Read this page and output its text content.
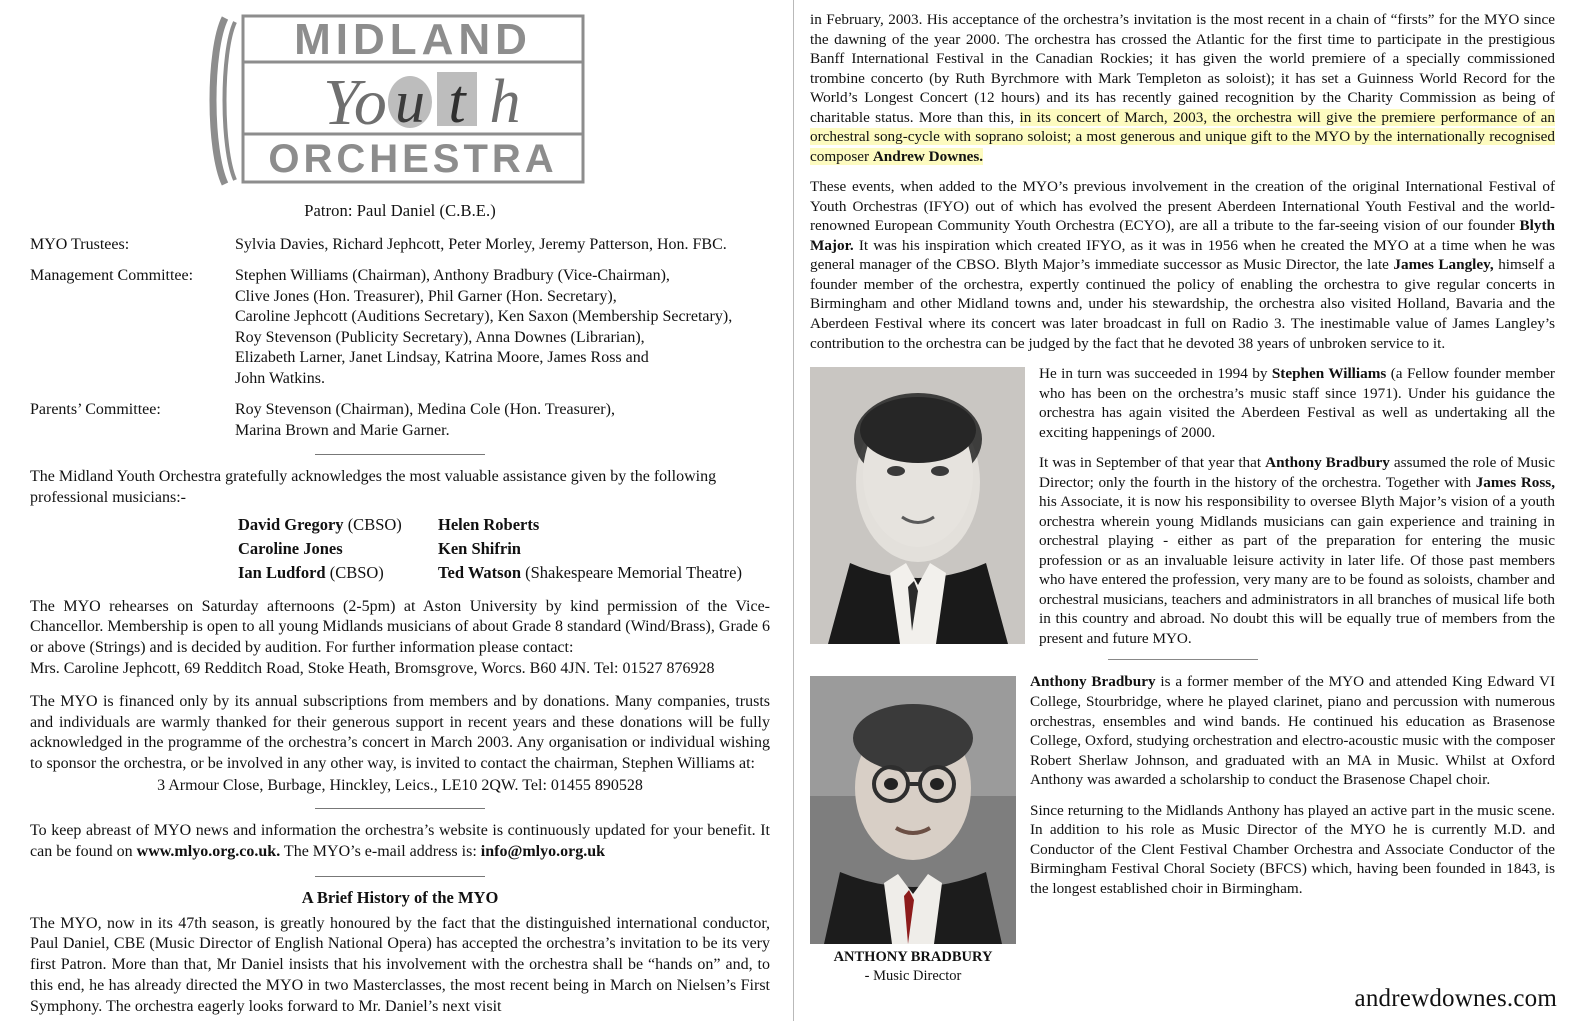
MIDLAND
Yo u t h
ORCHESTRA
Patron: Paul Daniel (C.B.E.)
MYO Trustees:	Sylvia Davies, Richard Jephcott, Peter Morley, Jeremy Patterson, Hon. FBC.
Management Committee:	Stephen Williams (Chairman), Anthony Bradbury (Vice-Chairman),
Clive Jones (Hon. Treasurer), Phil Garner (Hon. Secretary),
Caroline Jephcott (Auditions Secretary), Ken Saxon (Membership Secretary),
Roy Stevenson (Publicity Secretary), Anna Downes (Librarian),
Elizabeth Larner, Janet Lindsay, Katrina Moore, James Ross and
John Watkins.
Parents’ Committee:	Roy Stevenson (Chairman), Medina Cole (Hon. Treasurer),
Marina Brown and Marie Garner.
The Midland Youth Orchestra gratefully acknowledges the most valuable assistance given by the following professional musicians:-
David Gregory (CBSO)	Helen Roberts
Caroline Jones	Ken Shifrin
Ian Ludford (CBSO)	Ted Watson (Shakespeare Memorial Theatre)
The MYO rehearses on Saturday afternoons (2-5pm) at Aston University by kind permission of the Vice-Chancellor. Membership is open to all young Midlands musicians of about Grade 8 standard (Wind/Brass), Grade 6 or above (Strings) and is decided by audition. For further information please contact:
Mrs. Caroline Jephcott, 69 Redditch Road, Stoke Heath, Bromsgrove, Worcs. B60 4JN. Tel: 01527 876928
The MYO is financed only by its annual subscriptions from members and by donations. Many companies, trusts and individuals are warmly thanked for their generous support in recent years and these donations will be fully acknowledged in the programme of the orchestra’s concert in March 2003. Any organisation or individual wishing to sponsor the orchestra, or be involved in any other way, is invited to contact the chairman, Stephen Williams at:
3 Armour Close, Burbage, Hinckley, Leics., LE10 2QW. Tel: 01455 890528
To keep abreast of MYO news and information the orchestra’s website is continuously updated for your benefit. It can be found on www.mlyo.org.co.uk. The MYO’s e-mail address is: info@mlyo.org.uk
A Brief History of the MYO
The MYO, now in its 47th season, is greatly honoured by the fact that the distinguished international conductor, Paul Daniel, CBE (Music Director of English National Opera) has accepted the orchestra’s invitation to be its very first Patron. More than that, Mr Daniel insists that his involvement with the orchestra shall be “hands on” and, to this end, he has already directed the MYO in two Masterclasses, the most recent being in March on Nielsen’s First Symphony. The orchestra eagerly looks forward to Mr. Daniel’s next visit

in February, 2003. His acceptance of the orchestra’s invitation is the most recent in a chain of “firsts” for the MYO since the dawning of the year 2000. The orchestra has crossed the Atlantic for the first time to participate in the prestigious Banff International Festival in the Canadian Rockies; it has given the world premiere of a specially commissioned trombine concerto (by Ruth Byrchmore with Mark Templeton as soloist); it has set a Guinness World Record for the World’s Longest Concert (12 hours) and its has recently gained recognition by the Charity Commission as being of charitable status. More than this, in its concert of March, 2003, the orchestra will give the premiere performance of an orchestral song-cycle with soprano soloist; a most generous and unique gift to the MYO by the internationally recognised composer Andrew Downes.

These events, when added to the MYO’s previous involvement in the creation of the original International Festival of Youth Orchestras (IFYO) out of which has evolved the present Aberdeen International Youth Festival and the world-renowned European Community Youth Orchestra (ECYO), are all a tribute to the far-seeing vision of our founder Blyth Major. It was his inspiration which created IFYO, as it was in 1956 when he created the MYO at a time when he was general manager of the CBSO. Blyth Major’s immediate successor as Music Director, the late James Langley, himself a founder member of the orchestra, expertly continued the policy of enabling the orchestra to give regular concerts in Birmingham and other Midland towns and, under his stewardship, the orchestra also visited Holland, Bavaria and the Aberdeen Festival where its concert was later broadcast in full on Radio 3. The inestimable value of James Langley’s contribution to the orchestra can be judged by the fact that he devoted 38 years of unbroken service to it.

He in turn was succeeded in 1994 by Stephen Williams (a Fellow founder member who has been on the orchestra’s music staff since 1971). Under his guidance the orchestra has again visited the Aberdeen Festival as well as undertaking all the exciting happenings of 2000.

It was in September of that year that Anthony Bradbury assumed the role of Music Director; only the fourth in the history of the orchestra. Together with James Ross, his Associate, it is now his responsibility to oversee Blyth Major’s vision of a youth orchestra wherein young Midlands musicians can gain experience and training in orchestral playing - either as part of the preparation for entering the music profession or as an invaluable leisure activity in later life. Of those past members who have entered the profession, very many are to be found as soloists, chamber and orchestral musicians, teachers and administrators in all branches of musical life both in this country and abroad. No doubt this will be equally true of members from the present and future MYO.

Anthony Bradbury is a former member of the MYO and attended King Edward VI College, Stourbridge, where he played clarinet, piano and percussion with numerous orchestras, ensembles and wind bands. He continued his education as Brasenose College, Oxford, studying orchestration and electro-acoustic music with the composer Robert Sherlaw Johnson, and graduated with an MA in Music. Whilst at Oxford Anthony was awarded a scholarship to conduct the Brasenose Chapel choir.

Since returning to the Midlands Anthony has played an active part in the music scene. In addition to his role as Music Director of the MYO he is currently M.D. and Conductor of the Clent Festival Chamber Orchestra and Associate Conductor of the Birmingham Festival Choral Society (BFCS) which, having been founded in 1843, is the longest established choir in Birmingham.

ANTHONY BRADBURY
- Music Director
andrewdownes.com
